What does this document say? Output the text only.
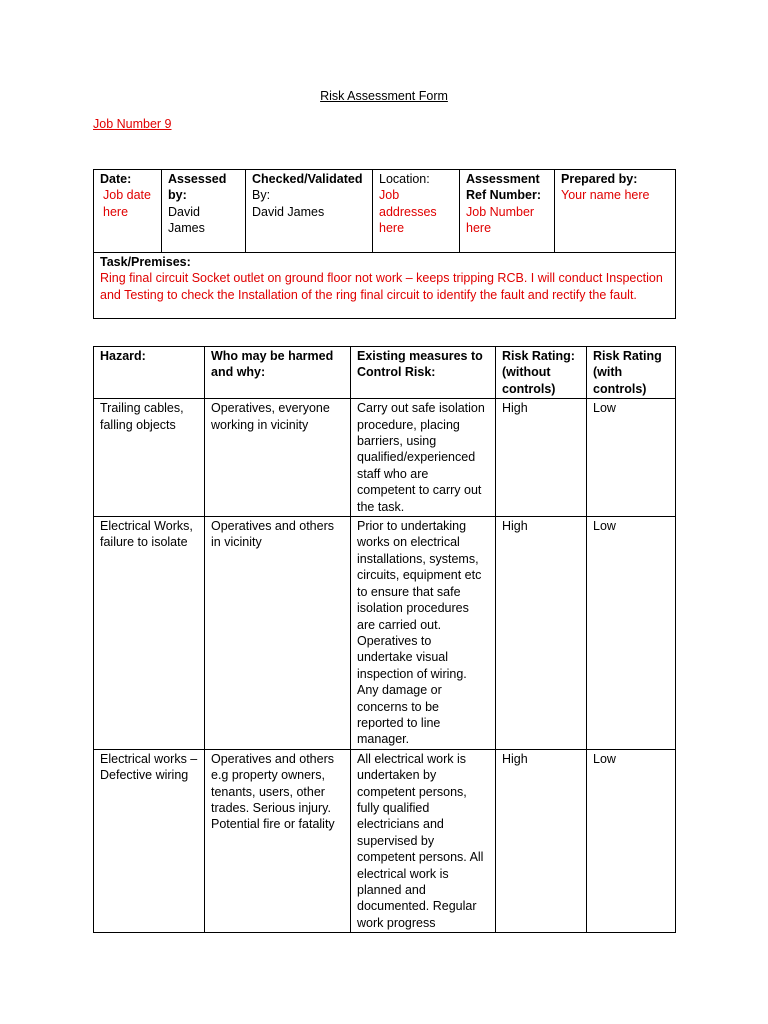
Risk Assessment Form
Job Number 9
Date:
Job date here

Assessed by:
David James

Checked/Validated
By:
David James

Location:
Job addresses here

Assessment Ref Number:
Job Number here

Prepared by:
Your name here

Task/Premises:
Ring final circuit Socket outlet on ground floor not work – keeps tripping RCB. I will conduct Inspection and Testing to check the Installation of the ring final circuit to identify the fault and rectify the fault.
Hazard:	Who may be harmed and why:	Existing measures to Control Risk:	Risk Rating: (without controls)	Risk Rating (with controls)
Trailing cables, falling objects	Operatives, everyone working in vicinity	Carry out safe isolation procedure, placing barriers, using qualified/experienced staff who are competent to carry out the task.	High	Low
Electrical Works, failure to isolate	Operatives and others in vicinity	Prior to undertaking works on electrical installations, systems, circuits, equipment etc to ensure that safe isolation procedures are carried out. Operatives to undertake visual inspection of wiring. Any damage or concerns to be reported to line manager.	High	Low
Electrical works – Defective wiring	Operatives and others e.g property owners, tenants, users, other trades. Serious injury. Potential fire or fatality	All electrical work is undertaken by competent persons, fully qualified electricians and supervised by competent persons. All electrical work is planned and documented. Regular work progress	High	Low
